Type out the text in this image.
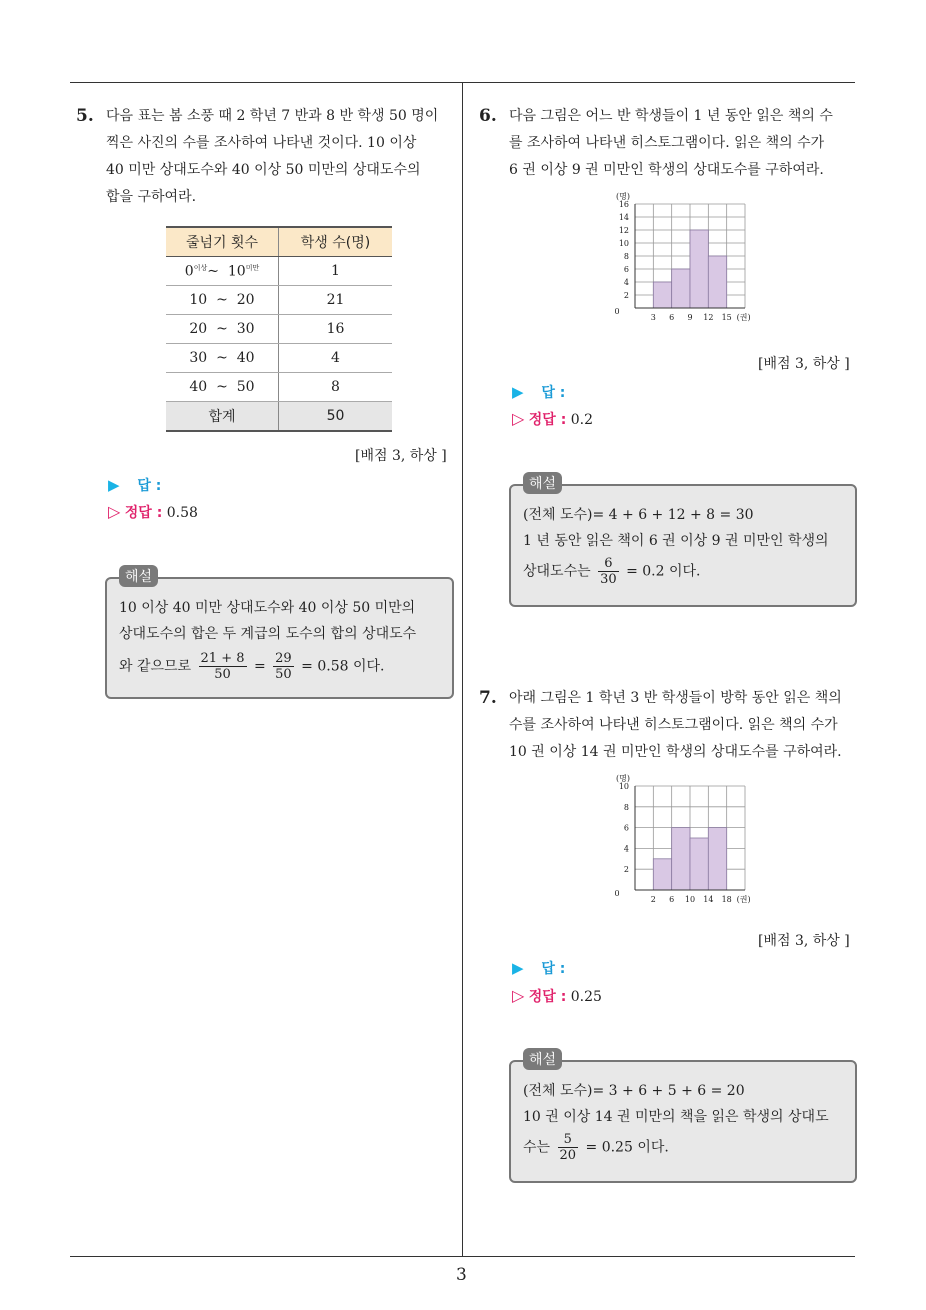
3
5. 다음 표는 봄 소풍 때 2 학년 7 반과 8 반 학생 50 명이
찍은 사진의 수를 조사하여 나타낸 것이다. 10 이상
40 미만 상대도수와 40 이상 50 미만의 상대도수의
합을 구하여라.
줄넘기 횟수	학생 수(명)
$0^{이상}\sim$ $10^{미만}$	1
10 ~ 20	21
20 ~ 30	16
30 ~ 40	4
40 ~ 50	8
합계	50
[배점 3, 하상 ]
▶ 답 :
▷ 정답 : 0.58
해설
10 이상 40 미만 상대도수와 40 이상 50 미만의
상대도수의 합은 두 계급의 도수의 합의 상대도수
와 같으므로 $\frac{21 + 8}{50} = \frac{29}{50} = 0.58$ 이다.
6. 다음 그림은 어느 반 학생들이 1 년 동안 읽은 책의 수
를 조사하여 나타낸 히스토그램이다. 읽은 책의 수가
6 권 이상 9 권 미만인 학생의 상대도수를 구하여라.
2
4
6
8
10
12
14
16
0
3 6 9 12 15
(명)
(권)
[배점 3, 하상 ]
▶ 답 :
▷ 정답 : 0.2
해설
(전체 도수)= 4 + 6 + 12 + 8 = 30
1 년 동안 읽은 책이 6 권 이상 9 권 미만인 학생의
상대도수는 $\frac{6}{30} = 0.2$ 이다.
7. 아래 그림은 1 학년 3 반 학생들이 방학 동안 읽은 책의
수를 조사하여 나타낸 히스토그램이다. 읽은 책의 수가
10 권 이상 14 권 미만인 학생의 상대도수를 구하여라.
2
4
6
8
10
0
2 6 10 14 18
(명)
(권)
[배점 3, 하상 ]
▶ 답 :
▷ 정답 : 0.25
해설
(전체 도수)= 3 + 6 + 5 + 6 = 20
10 권 이상 14 권 미만의 책을 읽은 학생의 상대도
수는 $\frac{5}{20} = 0.25$ 이다.
